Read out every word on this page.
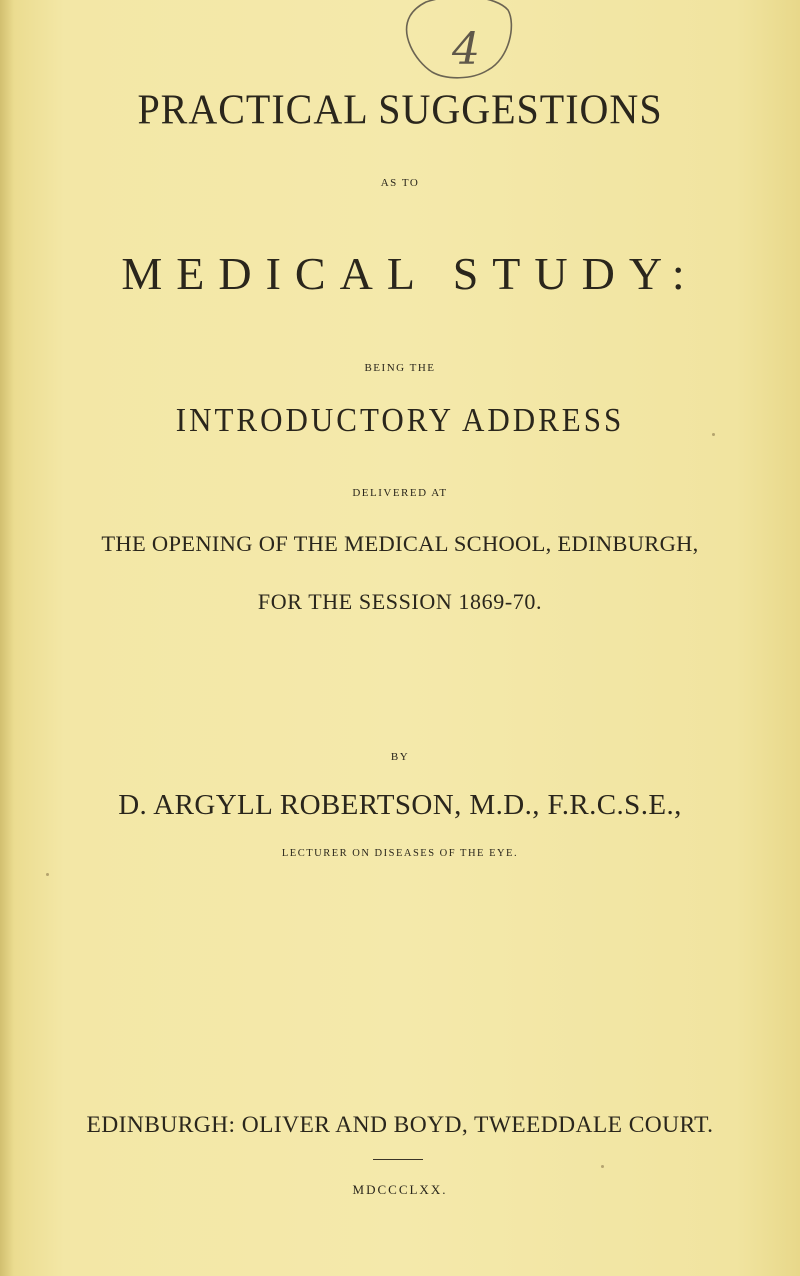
4
PRACTICAL SUGGESTIONS
AS TO
MEDICAL STUDY:
BEING THE
INTRODUCTORY ADDRESS
DELIVERED AT
THE OPENING OF THE MEDICAL SCHOOL, EDINBURGH,
FOR THE SESSION 1869-70.
BY
D. ARGYLL ROBERTSON, M.D., F.R.C.S.E.,
LECTURER ON DISEASES OF THE EYE.
EDINBURGH: OLIVER AND BOYD, TWEEDDALE COURT.
MDCCCLXX.
